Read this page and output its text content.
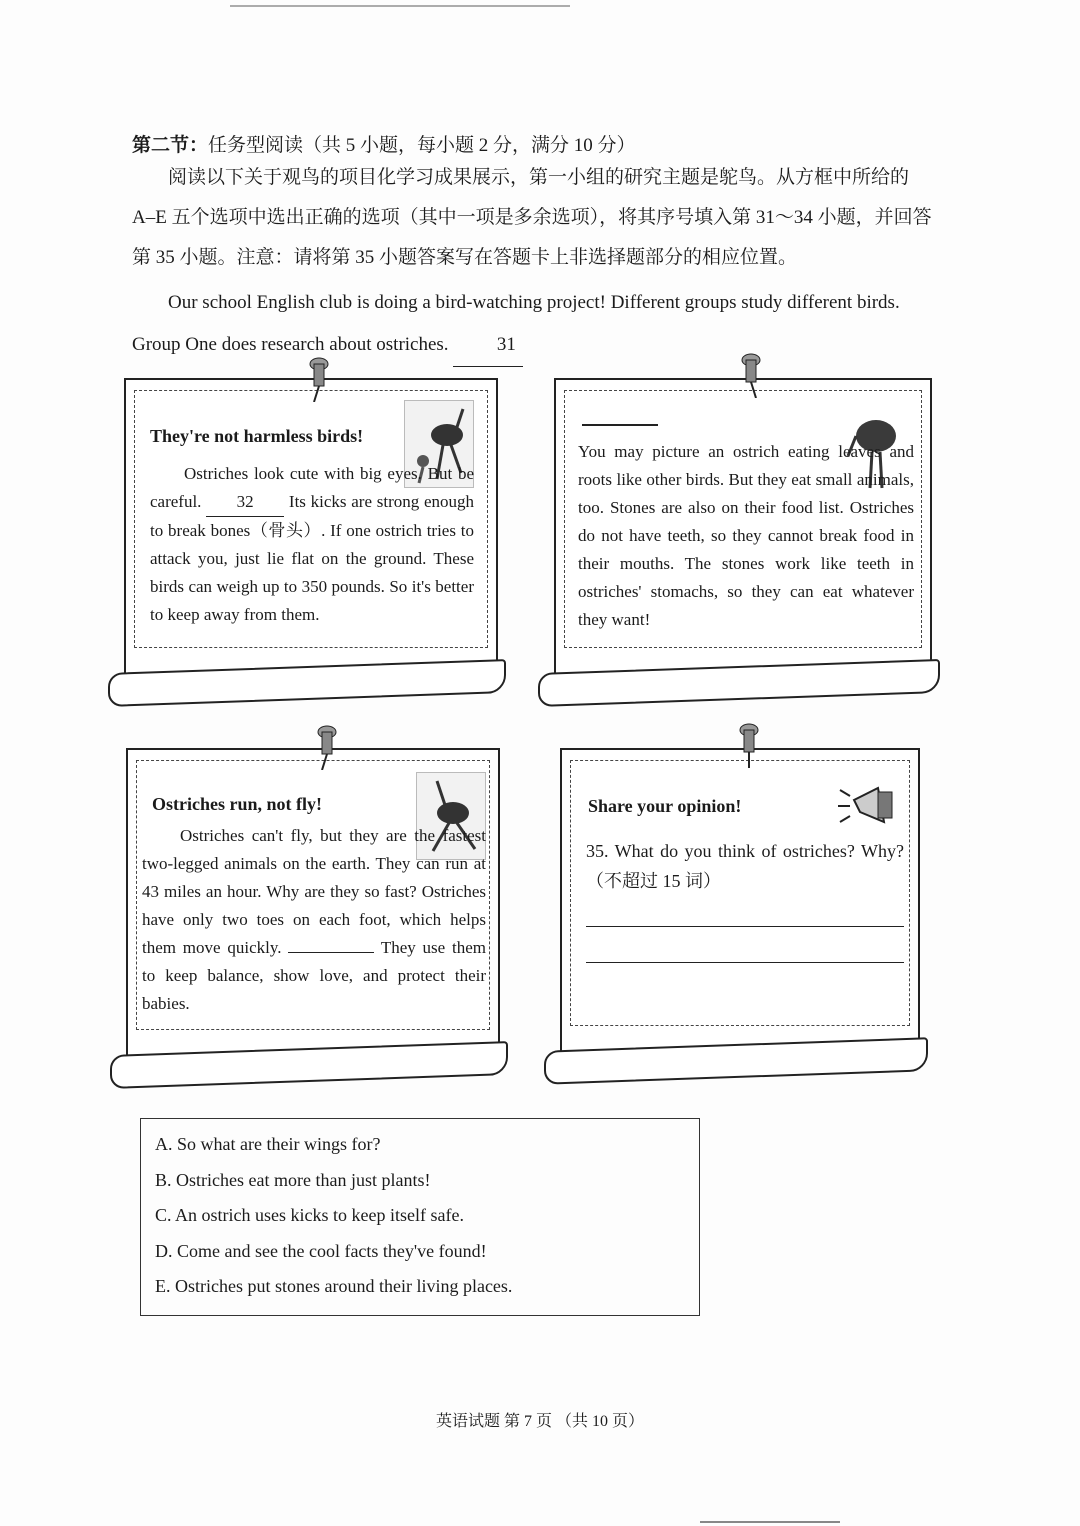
第二节：任务型阅读（共 5 小题，每小题 2 分，满分 10 分）
阅读以下关于观鸟的项目化学习成果展示，第一小组的研究主题是鸵鸟。从方框中所给的 A–E 五个选项中选出正确的选项（其中一项是多余选项），将其序号填入第 31～34 小题，并回答第 35 小题。注意：请将第 35 小题答案写在答题卡上非选择题部分的相应位置。
Our school English club is doing a bird-watching project! Different groups study different birds. Group One does research about ostriches.	31
They're not harmless birds!
Ostriches look cute with big eyes. But be careful. 32 Its kicks are strong enough to break bones（骨头）. If one ostrich tries to attack you, just lie flat on the ground. These birds can weigh up to 350 pounds. So it's better to keep away from them.
You may picture an ostrich eating leaves and roots like other birds. But they eat small animals, too. Stones are also on their food list. Ostriches do not have teeth, so they cannot break food in their mouths. The stones work like teeth in ostriches' stomachs, so they can eat whatever they want!
Ostriches run, not fly!
Ostriches can't fly, but they are the fastest two-legged animals on the earth. They can run at 43 miles an hour. Why are they so fast? Ostriches have only two toes on each foot, which helps them move quickly.	They use them to keep balance, show love, and protect their babies.
Share your opinion!
35. What do you think of ostriches? Why?（不超过 15 词）
A. So what are their wings for?
B. Ostriches eat more than just plants!
C. An ostrich uses kicks to keep itself safe.
D. Come and see the cool facts they've found!
E. Ostriches put stones around their living places.
英语试题 第 7 页 （共 10 页）
